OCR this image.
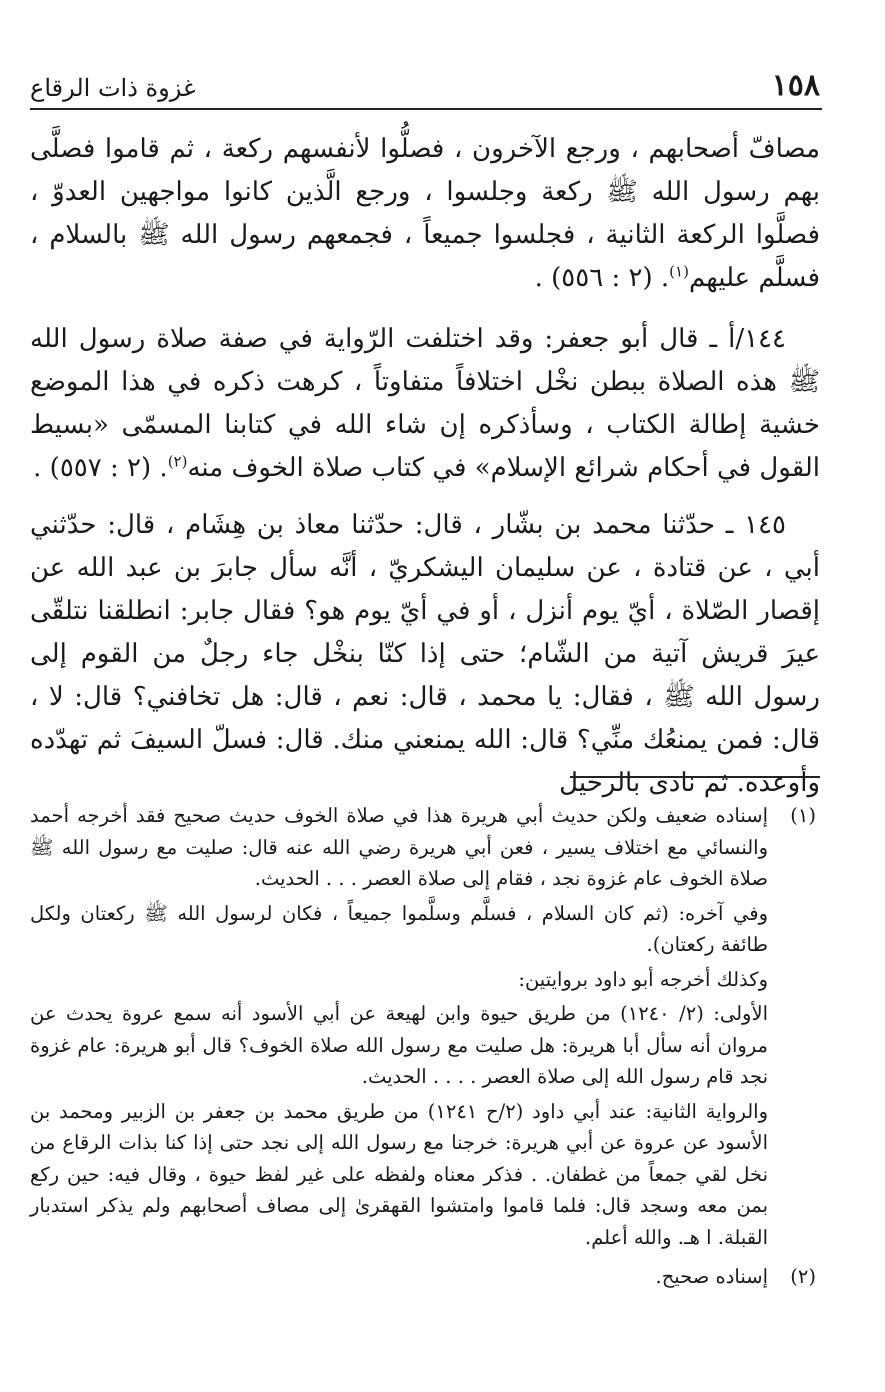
١٥٨
غزوة ذات الرقاع

مصافّ أصحابهم ، ورجع الآخرون ، فصلُّوا لأنفسهم ركعة ، ثم قاموا فصلَّى بهم رسول الله ﷺ ركعة وجلسوا ، ورجع الَّذين كانوا مواجهين العدوّ ، فصلَّوا الركعة الثانية ، فجلسوا جميعاً ، فجمعهم رسول الله ﷺ بالسلام ، فسلَّم عليهم$^{(١)}$. (٢ : ٥٥٦) .

١٤٤/أ ـ قال أبو جعفر: وقد اختلفت الرّواية في صفة صلاة رسول الله ﷺ هذه الصلاة ببطن نخْل اختلافاً متفاوتاً ، كرهت ذكره في هذا الموضع خشية إطالة الكتاب ، وسأذكره إن شاء الله في كتابنا المسمّى «بسيط القول في أحكام شرائع الإسلام» في كتاب صلاة الخوف منه$^{(٢)}$. (٢ : ٥٥٧) .

١٤٥ ـ حدّثنا محمد بن بشّار ، قال: حدّثنا معاذ بن هِشَام ، قال: حدّثني أبي ، عن قتادة ، عن سليمان اليشكريّ ، أنَّه سأل جابرَ بن عبد الله عن إقصار الصّلاة ، أيّ يوم أنزل ، أو في أيّ يوم هو؟ فقال جابر: انطلقنا نتلقّى عيرَ قريش آتية من الشّام؛ حتى إذا كنّا بنخْل جاء رجلٌ من القوم إلى رسول الله ﷺ ، فقال: يا محمد ، قال: نعم ، قال: هل تخافني؟ قال: لا ، قال: فمن يمنعُك منِّي؟ قال: الله يمنعني منك. قال: فسلّ السيفَ ثم تهدّده وأوعده. ثم نادى بالرحيل

(١)

إسناده ضعيف ولكن حديث أبي هريرة هذا في صلاة الخوف حديث صحيح فقد أخرجه أحمد والنسائي مع اختلاف يسير ، فعن أبي هريرة رضي الله عنه قال: صليت مع رسول الله ﷺ صلاة الخوف عام غزوة نجد ، فقام إلى صلاة العصر . . . الحديث.

وفي آخره: (ثم كان السلام ، فسلَّم وسلَّموا جميعاً ، فكان لرسول الله ﷺ ركعتان ولكل طائفة ركعتان).

وكذلك أخرجه أبو داود بروايتين:

الأولى: (٢/ ١٢٤٠) من طريق حيوة وابن لهيعة عن أبي الأسود أنه سمع عروة يحدث عن مروان أنه سأل أبا هريرة: هل صليت مع رسول الله صلاة الخوف؟ قال أبو هريرة: عام غزوة نجد قام رسول الله إلى صلاة العصر . . . . الحديث.

والرواية الثانية: عند أبي داود (٢/ح ١٢٤١) من طريق محمد بن جعفر بن الزبير ومحمد بن الأسود عن عروة عن أبي هريرة: خرجنا مع رسول الله إلى نجد حتى إذا كنا بذات الرقاع من نخل لقي جمعاً من غطفان. . فذكر معناه ولفظه على غير لفظ حيوة ، وقال فيه: حين ركع بمن معه وسجد قال: فلما قاموا وامتشوا القهقرىٰ إلى مصاف أصحابهم ولم يذكر استدبار القبلة. ا هـ. والله أعلم.

(٢)

إسناده صحيح.
